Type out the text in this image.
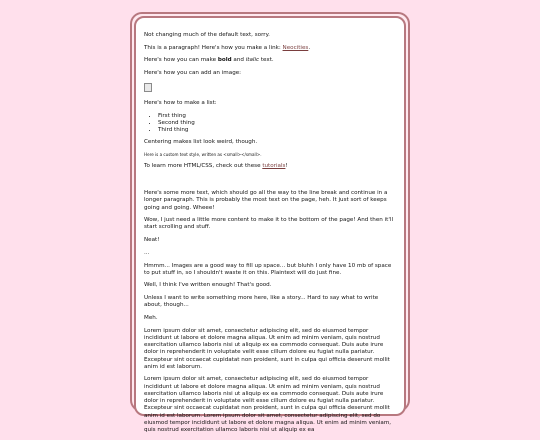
Not changing much of the default text, sorry.

This is a paragraph! Here's how you make a link: Neocities.

Here's how you can make bold and italic text.

Here's how you can add an image:

Here's how to make a list:

• First thing
• Second thing
• Third thing

Centering makes list look weird, though.

Here is a custom text style, written as <small></small>.

To learn more HTML/CSS, check out these tutorials!

Here's some more text, which should go all the way to the line break and continue in a longer paragraph. This is probably the most text on the page, heh. It just sort of keeps going and going. Wheee!

Wow, I just need a little more content to make it to the bottom of the page! And then it'll start scrolling and stuff.

Neat!

...

Hmmm... Images are a good way to fill up space... but bluhh I only have 10 mb of space to put stuff in, so I shouldn't waste it on this. Plaintext will do just fine.

Well, I think I've written enough! That's good.

Unless I want to write something more here, like a story... Hard to say what to write about, though...

Meh.

Lorem ipsum dolor sit amet, consectetur adipiscing elit, sed do eiusmod tempor incididunt ut labore et dolore magna aliqua. Ut enim ad minim veniam, quis nostrud exercitation ullamco laboris nisi ut aliquip ex ea commodo consequat. Duis aute irure dolor in reprehenderit in voluptate velit esse cillum dolore eu fugiat nulla pariatur. Excepteur sint occaecat cupidatat non proident, sunt in culpa qui officia deserunt mollit anim id est laborum.

Lorem ipsum dolor sit amet, consectetur adipiscing elit, sed do eiusmod tempor incididunt ut labore et dolore magna aliqua. Ut enim ad minim veniam, quis nostrud exercitation ullamco laboris nisi ut aliquip ex ea commodo consequat. Duis aute irure dolor in reprehenderit in voluptate velit esse cillum dolore eu fugiat nulla pariatur. Excepteur sint occaecat cupidatat non proident, sunt in culpa qui officia deserunt mollit anim id est laborum. Lorem ipsum dolor sit amet, consectetur adipiscing elit, sed do eiusmod tempor incididunt ut labore et dolore magna aliqua. Ut enim ad minim veniam, quis nostrud exercitation ullamco laboris nisi ut aliquip ex ea
